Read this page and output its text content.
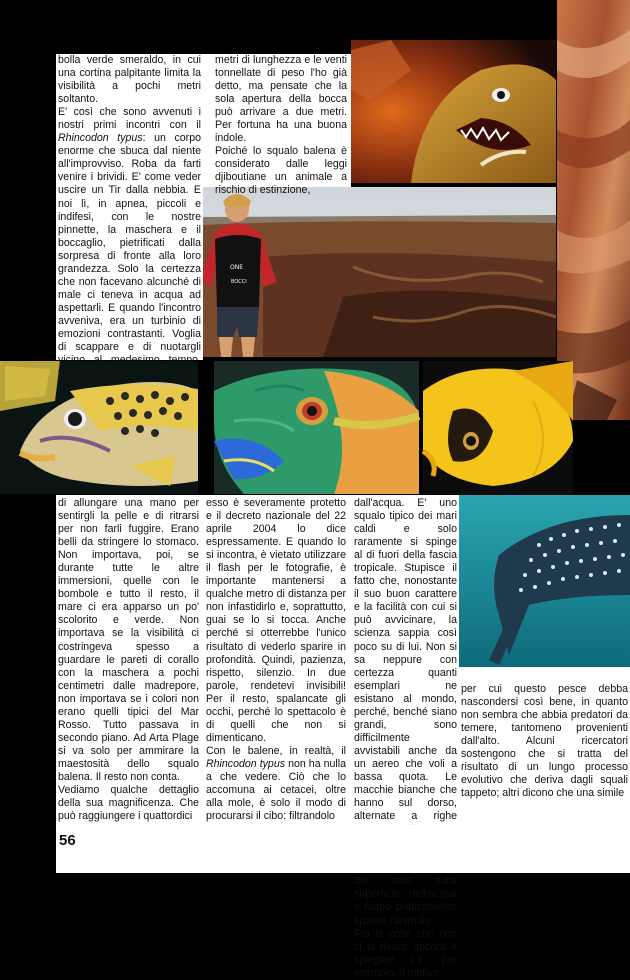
ONE
BOCCI

bolla verde smeraldo, in cui una cortina palpitante limita la visibilità a pochi metri soltanto.

E' così che sono avvenuti i nostri primi incontri con il Rhincodon typus: un corpo enorme che sbuca dal niente all'improvviso. Roba da farti venire i brividi. E' come veder uscire un Tir dalla nebbia. E noi lì, in apnea, piccoli e indifesi, con le nostre pinnette, la maschera e il boccaglio, pietrificati dalla sorpresa di fronte alla loro grandezza. Solo la certezza che non facevano alcunché di male ci teneva in acqua ad aspettarli. E quando l'incontro avveniva, era un turbinio di emozioni contrastanti. Voglia di scappare e di nuotargli vicino al medesimo tempo, voglia

metri di lunghezza e le venti tonnellate di peso l'ho già detto, ma pensate che la sola apertura della bocca può arrivare a due metri. Per fortuna ha una buona indole.

Poiché lo squalo balena è considerato dalle leggi djiboutiane un animale a rischio di estinzione,

di allungare una mano per sentirgli la pelle e di ritrarsi per non farli fuggire. Erano belli da stringere lo stomaco. Non importava, poi, se durante tutte le altre immersioni, quelle con le bombole e tutto il resto, il mare ci era apparso un po' scolorito e verde. Non importava se la visibilità ci costringeva spesso a guardare le pareti di corallo con la maschera a pochi centimetri dalle madrepore, non importava se i colori non erano quelli tipici del Mar Rosso. Tutto passava in secondo piano. Ad Arta Plage si va solo per ammirare la maestosità dello squalo balena. Il resto non conta.

Vediamo qualche dettaglio della sua magnificenza. Che può raggiungere i quattordici

esso è severamente protetto e il decreto nazionale del 22 aprile 2004 lo dice espressamente. E quando lo si incontra, è vietato utilizzare il flash per le fotografie, è importante mantenersi a qualche metro di distanza per non infastidirlo e, soprattutto, guai se lo si tocca. Anche perché si otterrebbe l'unico risultato di vederlo sparire in profondità. Quindi, pazienza, rispetto, silenzio. In due parole, rendetevi invisibili! Per il resto, spalancate gli occhi, perché lo spettacolo è di quelli che non si dimenticano.

Con le balene, in realtà, il Rhincodon typus non ha nulla a che vedere. Ciò che lo accomuna ai cetacei, oltre alla mole, è solo il modo di procurarsi il cibo: filtrandolo

dall'acqua. E' uno squalo tipico dei mari caldi e solo raramente si spinge al di fuori della fascia tropicale. Stupisce il fatto che, nonostante il suo buon carattere e la facilità con cui si può avvicinare, la scienza sappia così poco su di lui. Non si sa neppure con certezza quanti esemplari ne esistano al mondo, perché, benché siano grandi, sono difficilmente avvistabili anche da un aereo che voli a bassa quota. Le macchie bianche che hanno sul dorso, alternate a righe del sole sulla superficie dell'acqua e fanno praticamente sparire l'animale.

Fra le cose che non ci si riesce ancora a spiegare c'è, per esempio, il motivo

per cui questo pesce debba nascondersi così bene, in quanto non sembra che abbia predatori da temere, tantomeno provenienti dall'alto. Alcuni ricercatori sostengono che si tratta del risultato di un lungo processo evolutivo che deriva dagli squali tappeto; altri dicono che una simile

56
